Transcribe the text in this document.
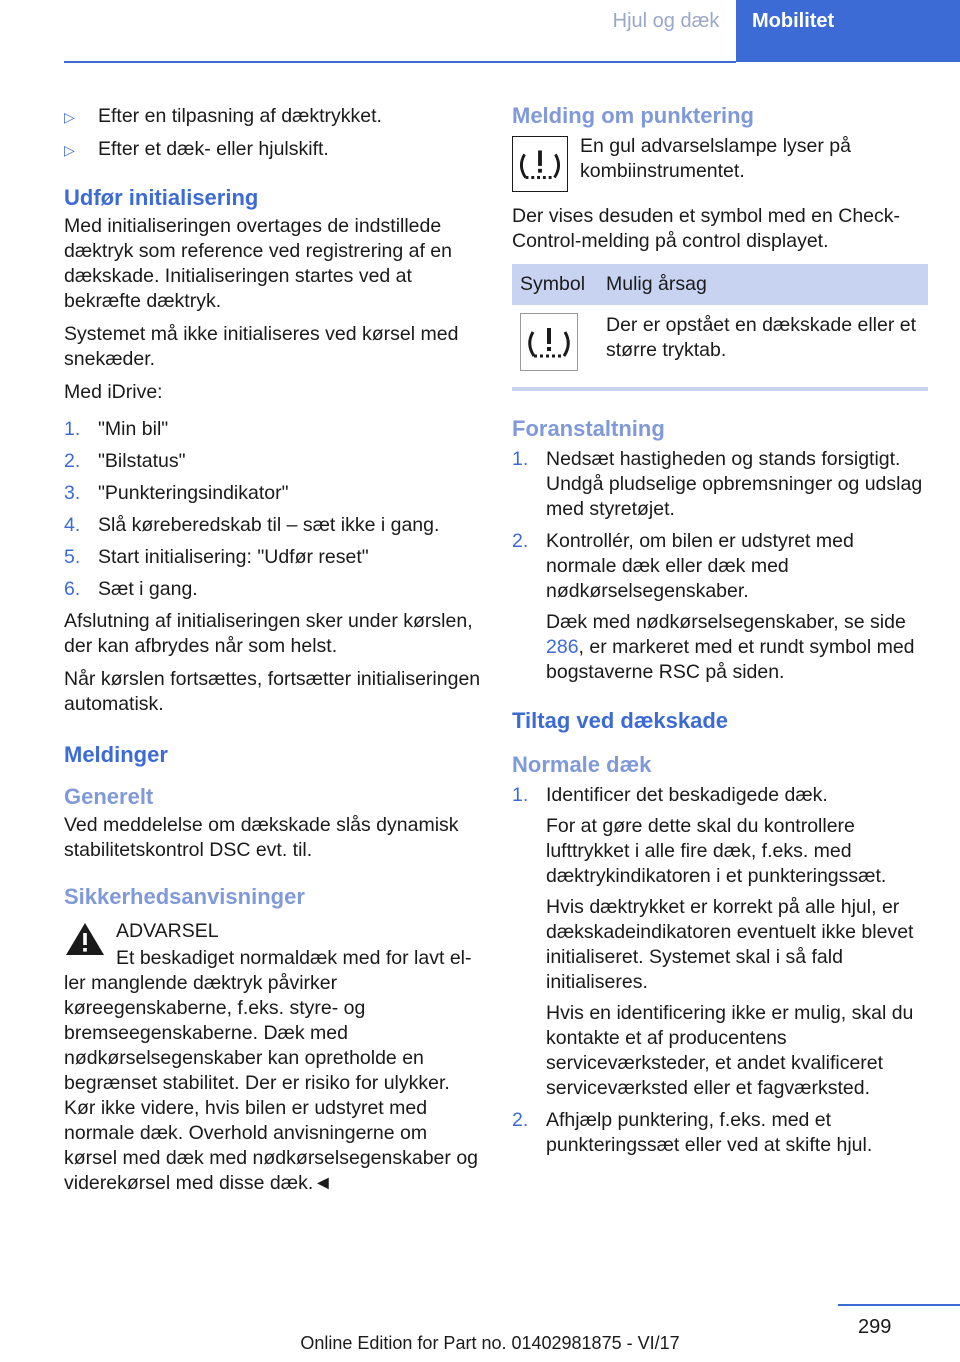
Hjul og dæk	Mobilitet
▷ Efter en tilpasning af dæktrykket.
▷ Efter et dæk- eller hjulskift.
Udfør initialisering

Med initialiseringen overtages de indstillede dæktryk som reference ved registrering af en dækskade. Initialiseringen startes ved at bekræfte dæktryk.

Systemet må ikke initialiseres ved kørsel med snekæder.

Med iDrive:

1. "Min bil"
2. "Bilstatus"
3. "Punkteringsindikator"
4. Slå køreberedskab til – sæt ikke i gang.
5. Start initialisering: "Udfør reset"
6. Sæt i gang.

Afslutning af initialiseringen sker under kørslen, der kan afbrydes når som helst.

Når kørslen fortsættes, fortsætter initialiseringen automatisk.

Meldinger
Generelt

Ved meddelelse om dækskade slås dynamisk stabilitetskontrol DSC evt. til.

Sikkerhedsanvisninger

ADVARSEL

Et beskadiget normaldæk med for lavt el-

ler manglende dæktryk påvirker køreegenskaberne, f.eks. styre- og bremseegenskaberne. Dæk med nødkørselsegenskaber kan opretholde en begrænset stabilitet. Der er risiko for ulykker. Kør ikke videre, hvis bilen er udstyret med normale dæk. Overhold anvisningerne om kørsel med dæk med nødkørselsegenskaber og viderekørsel med disse dæk.◄

Melding om punktering

En gul advarselslampe lyser på kombiinstrumentet.

Der vises desuden et symbol med en Check-Control-melding på control displayet.

Symbol	Mulig årsag

	Der er opstået en dækskade eller et større tryktab.
Foranstaltning
1. Nedsæt hastigheden og stands forsigtigt. Undgå pludselige opbremsninger og udslag med styretøjet.
2. Kontrollér, om bilen er udstyret med normale dæk eller dæk med nødkørselsegenskaber.
Dæk med nødkørselsegenskaber, se side 286, er markeret med et rundt symbol med bogstaverne RSC på siden.
Tiltag ved dækskade
Normale dæk
1. Identificer det beskadigede dæk.
For at gøre dette skal du kontrollere lufttrykket i alle fire dæk, f.eks. med dæktrykindikatoren i et punkteringssæt.
Hvis dæktrykket er korrekt på alle hjul, er dækskadeindikatoren eventuelt ikke blevet initialiseret. Systemet skal i så fald initialiseres.
Hvis en identificering ikke er mulig, skal du kontakte et af producentens serviceværksteder, et andet kvalificeret serviceværksted eller et fagværksted.
2. Afhjælp punktering, f.eks. med et punkteringssæt eller ved at skifte hjul.
299
Online Edition for Part no. 01402981875 - VI/17
